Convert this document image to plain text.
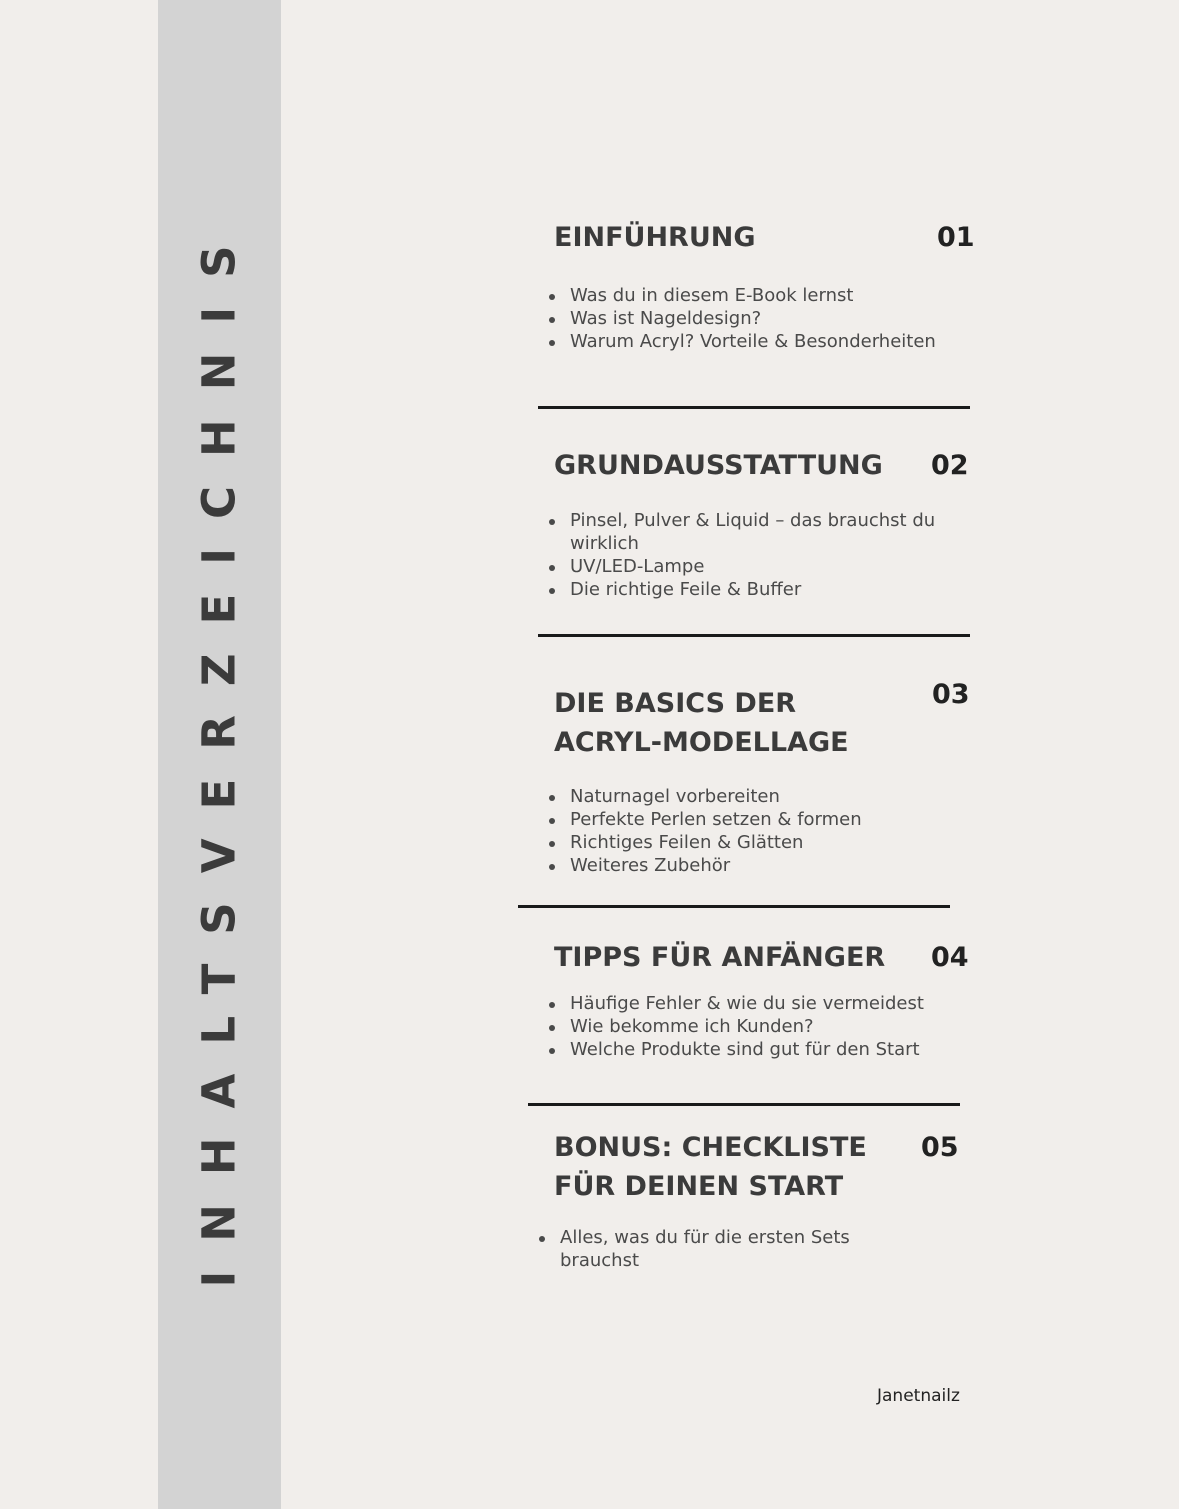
INHALTSVERZEICHNIS	EINFÜHRUNG	01
Was du in diesem E-Book lernst
Was ist Nageldesign?
Warum Acryl? Vorteile & Besonderheiten
GRUNDAUSSTATTUNG 02
Pinsel, Pulver & Liquid – das brauchst du wirklich
UV/LED-Lampe
Die richtige Feile & Buffer
DIE BASICS DER
ACRYL-MODELLAGE
03
Naturnagel vorbereiten
Perfekte Perlen setzen & formen
Richtiges Feilen & Glätten
Weiteres Zubehör
TIPPS FÜR ANFÄNGER 04
Häufige Fehler & wie du sie vermeidest
Wie bekomme ich Kunden?
Welche Produkte sind gut für den Start
BONUS: CHECKLISTE
FÜR DEINEN START
05
Alles, was du für die ersten Sets brauchst
Janetnailz
